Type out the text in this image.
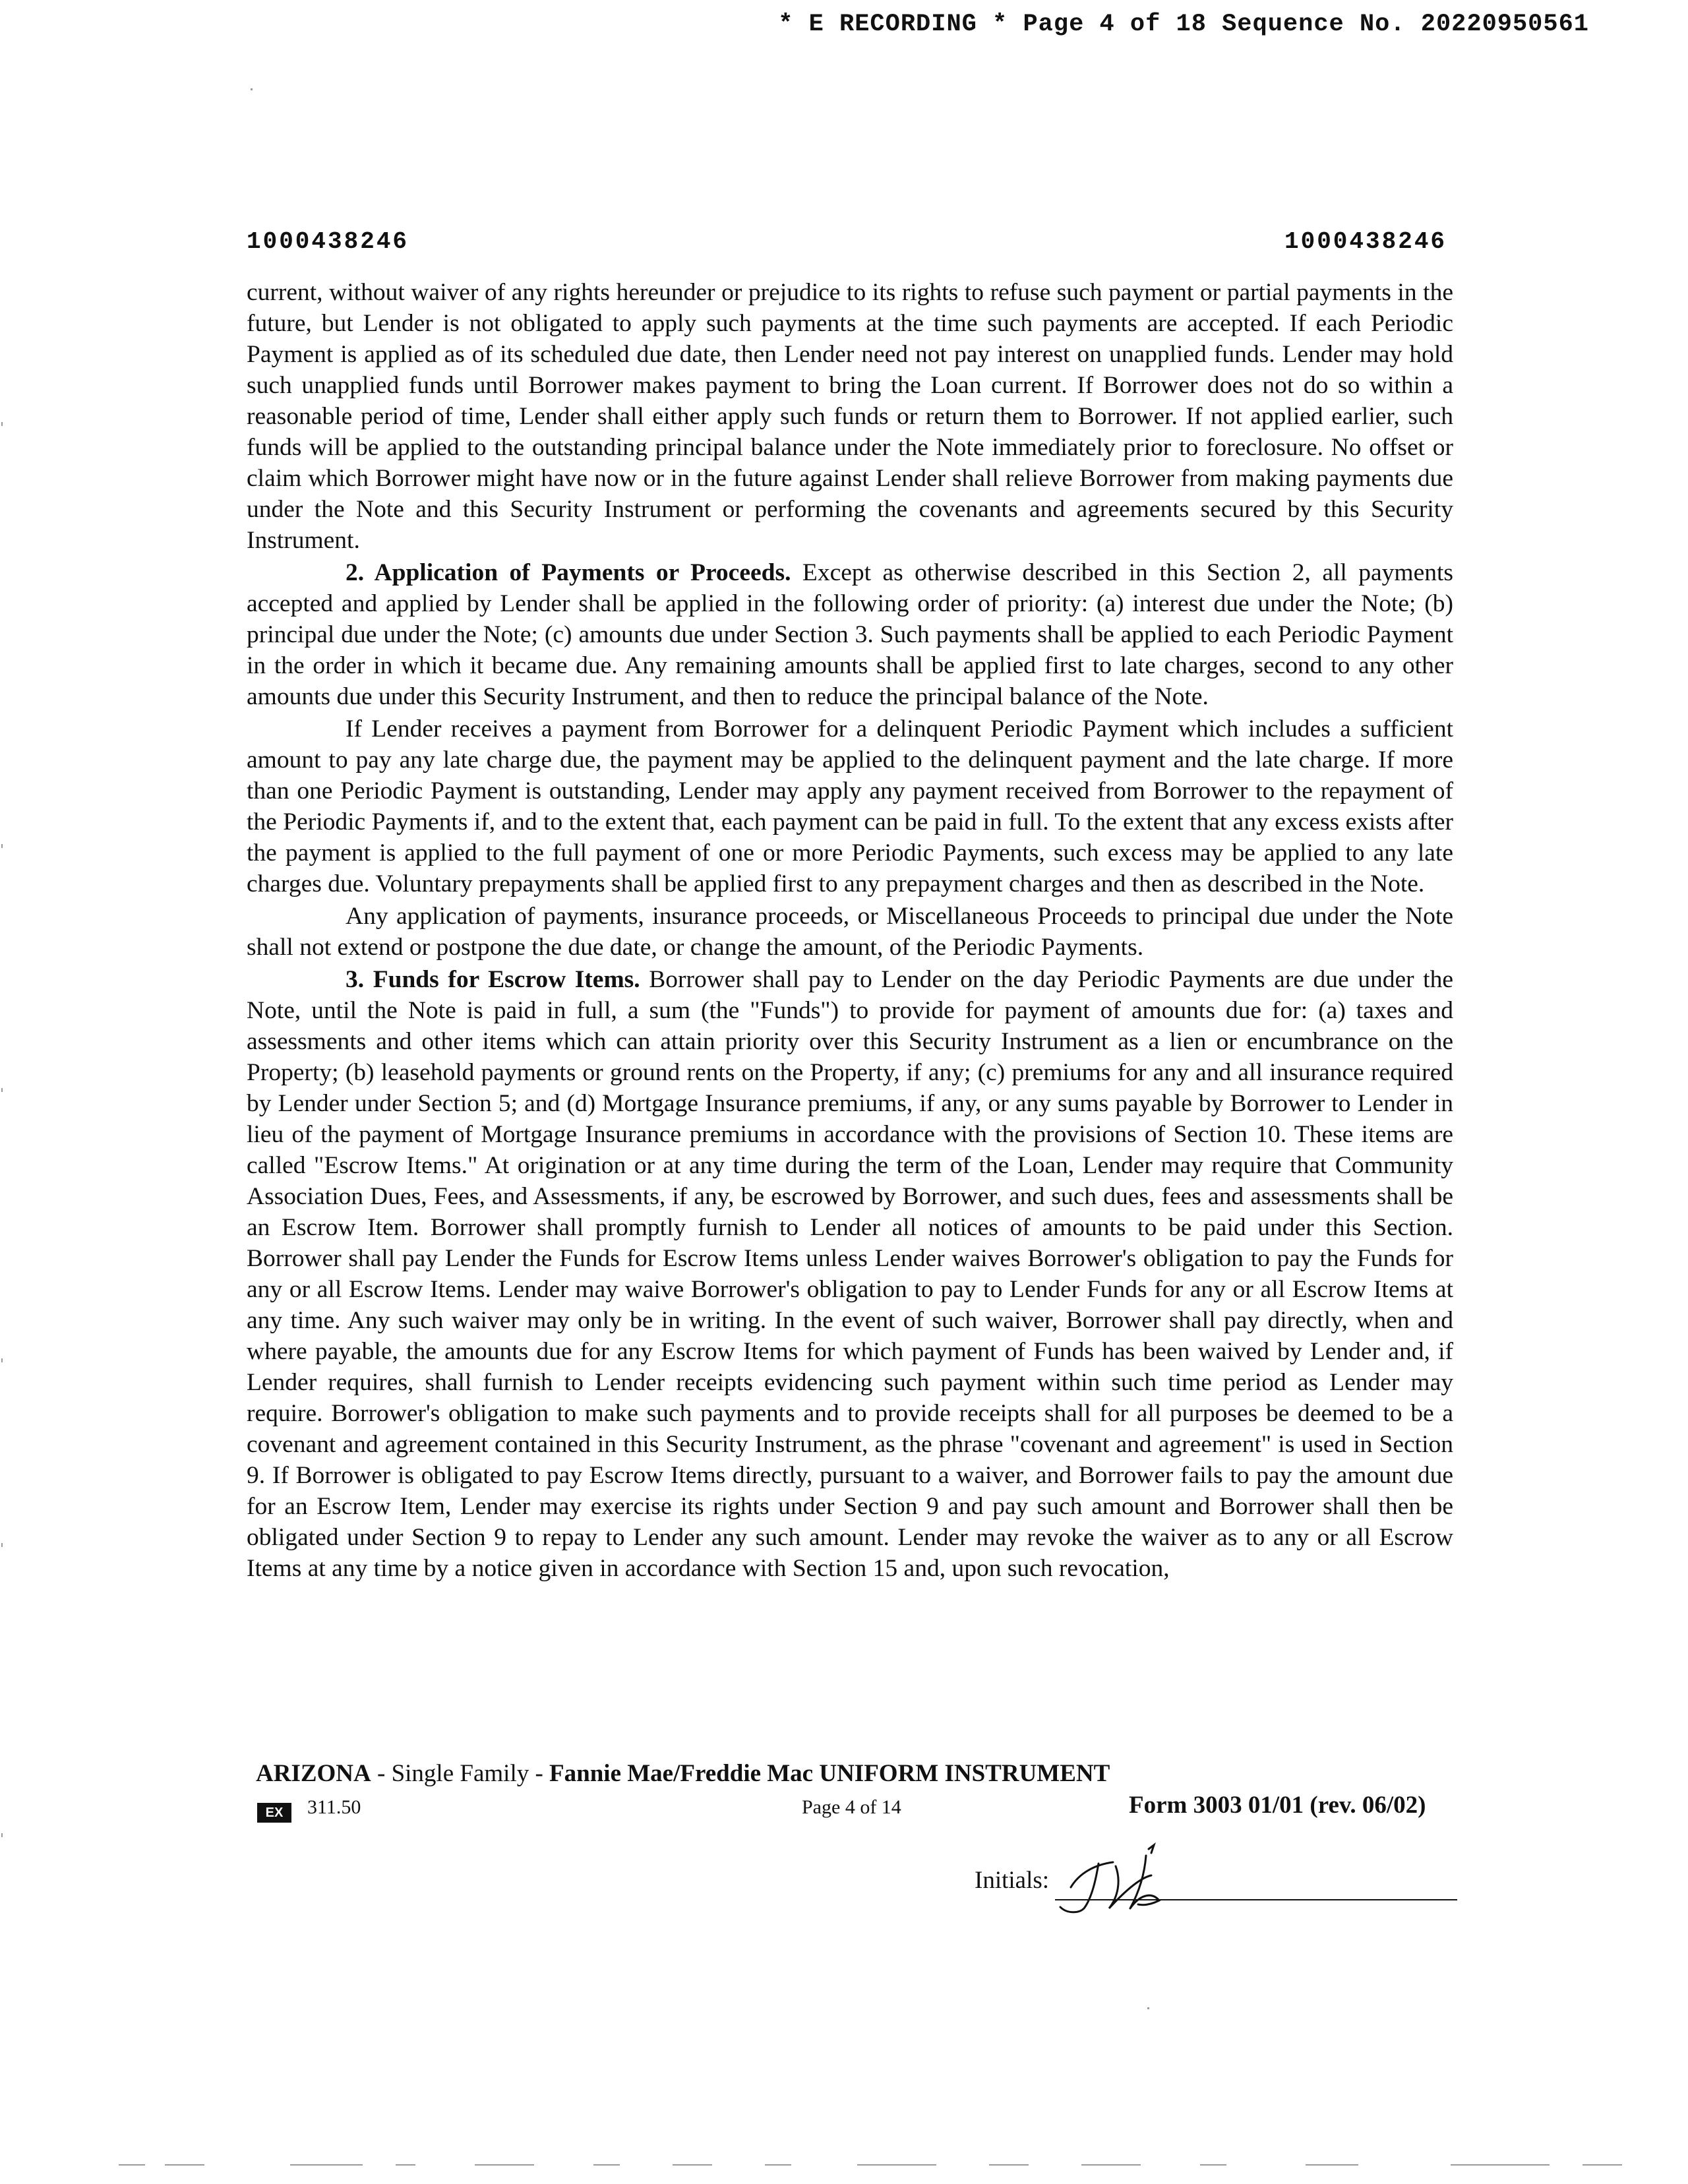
* E RECORDING * Page 4 of 18 Sequence No. 20220950561
1000438246	1000438246

current, without waiver of any rights hereunder or prejudice to its rights to refuse such payment or partial payments in the future, but Lender is not obligated to apply such payments at the time such payments are accepted. If each Periodic Payment is applied as of its scheduled due date, then Lender need not pay interest on unapplied funds. Lender may hold such unapplied funds until Borrower makes payment to bring the Loan current. If Borrower does not do so within a reasonable period of time, Lender shall either apply such funds or return them to Borrower. If not applied earlier, such funds will be applied to the outstanding principal balance under the Note immediately prior to foreclosure. No offset or claim which Borrower might have now or in the future against Lender shall relieve Borrower from making payments due under the Note and this Security Instrument or performing the covenants and agreements secured by this Security Instrument.

2. Application of Payments or Proceeds. Except as otherwise described in this Section 2, all payments accepted and applied by Lender shall be applied in the following order of priority: (a) interest due under the Note; (b) principal due under the Note; (c) amounts due under Section 3. Such payments shall be applied to each Periodic Payment in the order in which it became due. Any remaining amounts shall be applied first to late charges, second to any other amounts due under this Security Instrument, and then to reduce the principal balance of the Note.

If Lender receives a payment from Borrower for a delinquent Periodic Payment which includes a sufficient amount to pay any late charge due, the payment may be applied to the delinquent payment and the late charge. If more than one Periodic Payment is outstanding, Lender may apply any payment received from Borrower to the repayment of the Periodic Payments if, and to the extent that, each payment can be paid in full. To the extent that any excess exists after the payment is applied to the full payment of one or more Periodic Payments, such excess may be applied to any late charges due. Voluntary prepayments shall be applied first to any prepayment charges and then as described in the Note.

Any application of payments, insurance proceeds, or Miscellaneous Proceeds to principal due under the Note shall not extend or postpone the due date, or change the amount, of the Periodic Payments.

3. Funds for Escrow Items. Borrower shall pay to Lender on the day Periodic Payments are due under the Note, until the Note is paid in full, a sum (the "Funds") to provide for payment of amounts due for: (a) taxes and assessments and other items which can attain priority over this Security Instrument as a lien or encumbrance on the Property; (b) leasehold payments or ground rents on the Property, if any; (c) premiums for any and all insurance required by Lender under Section 5; and (d) Mortgage Insurance premiums, if any, or any sums payable by Borrower to Lender in lieu of the payment of Mortgage Insurance premiums in accordance with the provisions of Section 10. These items are called "Escrow Items." At origination or at any time during the term of the Loan, Lender may require that Community Association Dues, Fees, and Assessments, if any, be escrowed by Borrower, and such dues, fees and assessments shall be an Escrow Item. Borrower shall promptly furnish to Lender all notices of amounts to be paid under this Section. Borrower shall pay Lender the Funds for Escrow Items unless Lender waives Borrower's obligation to pay the Funds for any or all Escrow Items. Lender may waive Borrower's obligation to pay to Lender Funds for any or all Escrow Items at any time. Any such waiver may only be in writing. In the event of such waiver, Borrower shall pay directly, when and where payable, the amounts due for any Escrow Items for which payment of Funds has been waived by Lender and, if Lender requires, shall furnish to Lender receipts evidencing such payment within such time period as Lender may require. Borrower's obligation to make such payments and to provide receipts shall for all purposes be deemed to be a covenant and agreement contained in this Security Instrument, as the phrase "covenant and agreement" is used in Section 9. If Borrower is obligated to pay Escrow Items directly, pursuant to a waiver, and Borrower fails to pay the amount due for an Escrow Item, Lender may exercise its rights under Section 9 and pay such amount and Borrower shall then be obligated under Section 9 to repay to Lender any such amount. Lender may revoke the waiver as to any or all Escrow Items at any time by a notice given in accordance with Section 15 and, upon such revocation,

ARIZONA - Single Family - Fannie Mae/Freddie Mac UNIFORM INSTRUMENT
EX	311.50	Page 4 of 14	Form 3003 01/01 (rev. 06/02)
Initials:
